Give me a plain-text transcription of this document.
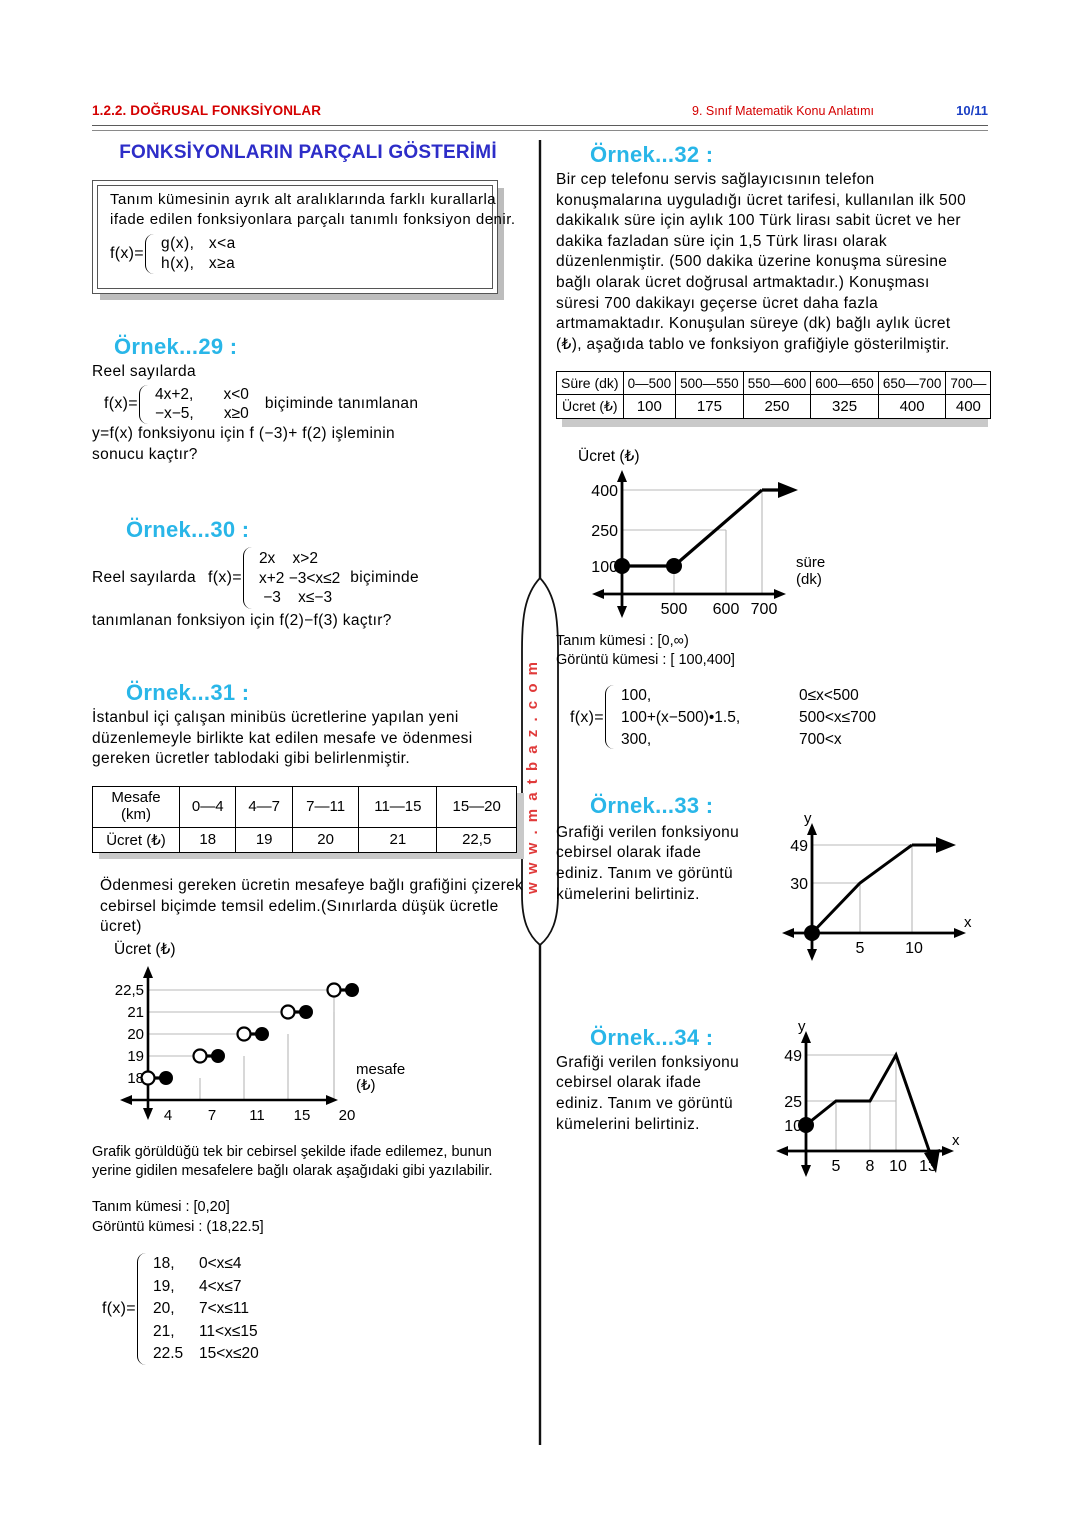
w w w . m a t b a z . c o m
1.2.2. DOĞRUSAL FONKSİYONLAR	9. Sınıf Matematik Konu Anlatımı	10/11
FONKSİYONLARIN PARÇALI GÖSTERİMİ
Tanım kümesinin ayrık alt aralıklarında farklı kurallarla ifade edilen fonksiyonlara parçalı tanımlı fonksiyon denir.
f(x)=
g(x), x<a
h(x), x≥a
Örnek...29 :
Reel sayılarda
f(x)=
4x+2, x<0
−x−5, x≥0
biçiminde tanımlanan
y=f(x) fonksiyonu için f (−3)+ f(2) işleminin
sonucu kaçtır?
Örnek...30 :
Reel sayılarda f(x)=
2x x>2
x+2 −3<x≤2
−3 x≤−3
biçiminde
tanımlanan fonksiyon için f(2)−f(3) kaçtır?
Örnek...31 :
İstanbul içi çalışan minibüs ücretlerine yapılan yeni düzenlemeyle birlikte kat edilen mesafe ve ödenmesi gereken ücretler tablodaki gibi belirlenmiştir.
Mesafe
(km)	0—4	4—7	7—11	11—15	15—20
Ücret (₺)	18	19	20	21	22,5
Ödenmesi gereken ücretin mesafeye bağlı grafiğini çizerek cebirsel biçimde temsil edelim.(Sınırlarda düşük ücretle ücret)
Ücret (₺)
22,5
21
20
19
18
4 7 11 15 20
mesafe
(₺)
Grafik görüldüğü tek bir cebirsel şekilde ifade edilemez, bunun yerine gidilen mesafelere bağlı olarak aşağıdaki gibi yazılabilir.
Tanım kümesi : [0,20]
Görüntü kümesi : (18,22.5]
f(x)=
18, 0<x≤4
19, 4<x≤7
20, 7<x≤11
21, 11<x≤15
22.5 15<x≤20
Örnek...32 :
Bir cep telefonu servis sağlayıcısının telefon konuşmalarına uyguladığı ücret tarifesi, kullanılan ilk 500 dakikalık süre için aylık 100 Türk lirası sabit ücret ve her dakika fazladan süre için 1,5 Türk lirası olarak düzenlenmiştir. (500 dakika üzerine konuşma süresine bağlı olarak ücret doğrusal artmaktadır.) Konuşması süresi 700 dakikayı geçerse ücret daha fazla artmamaktadır. Konuşulan süreye (dk) bağlı aylık ücret (₺), aşağıda tablo ve fonksiyon grafiğiyle gösterilmiştir.
Süre (dk)	0—500	500—550	550—600	600—650	650—700	700—
Ücret (₺)	100	175	250	325	400	400
Ücret (₺)
400
250
100
500 600 700
süre
(dk)
Tanım kümesi : [0,∞)
Görüntü kümesi : [ 100,400]
f(x)=
100,	0≤x<500
100+(x−500)•1.5,	500<x≤700
300,	700<x
Örnek...33 :
Grafiği verilen fonksiyonu cebirsel olarak ifade ediniz. Tanım ve görüntü kümelerini belirtiniz.
49
30
5	10
y
x
Örnek...34 :
Grafiği verilen fonksiyonu cebirsel olarak ifade ediniz. Tanım ve görüntü kümelerini belirtiniz.
49
25
10
5 8 10 13
y
x
